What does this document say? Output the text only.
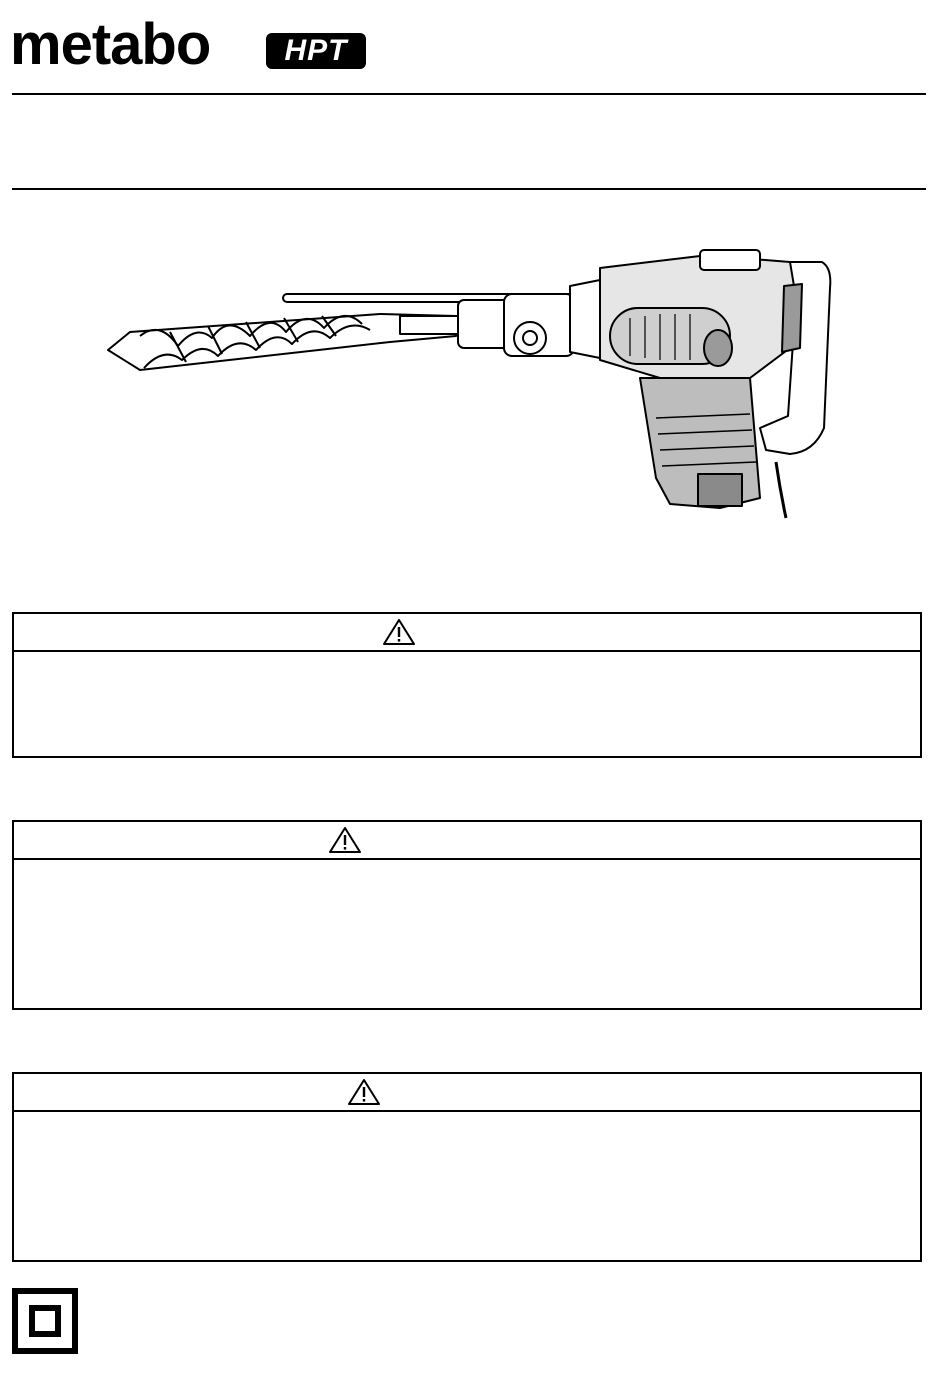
metabo	HPT
